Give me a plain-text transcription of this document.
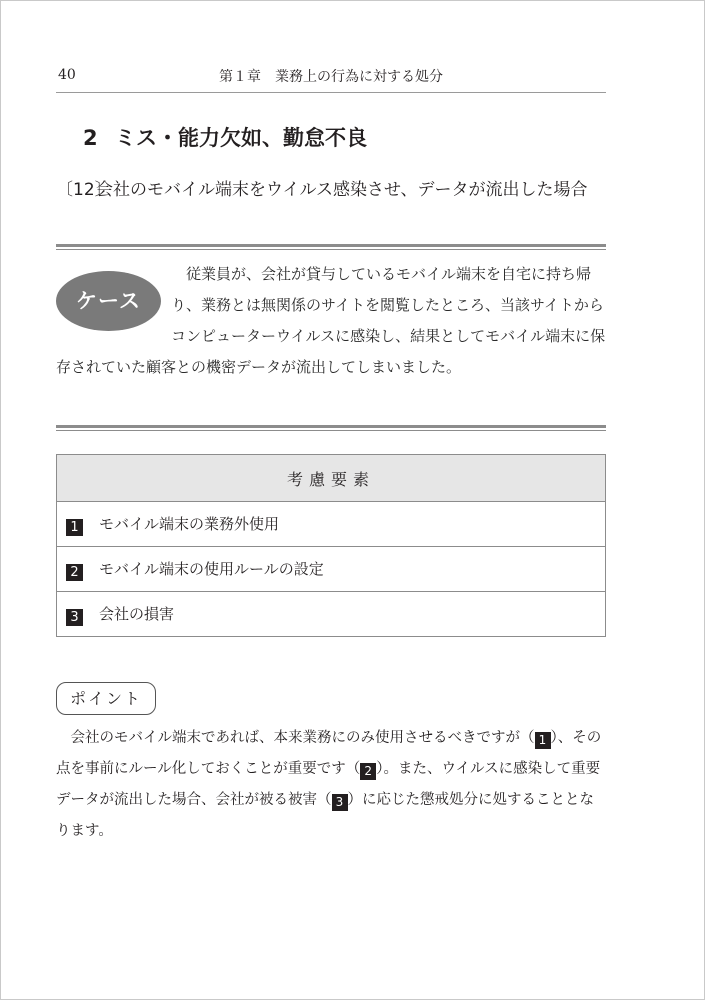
40	第１章　業務上の行為に対する処分
2 ミス・能力欠如、勤怠不良
〔12〕
会社のモバイル端末をウイルス感染させ、データが流出した場合

従業員が、会社が貸与しているモバイル端末を自宅に持ち帰り、業務とは無関係のサイトを閲覧したところ、当該サイトからコンピューターウイルスに感染し、結果としてモバイル端末に保存されていた顧客との機密データが流出してしまいました。

ケース
考慮要素
1 モバイル端末の業務外使用
2 モバイル端末の使用ルールの設定
3 会社の損害
ポイント

会社のモバイル端末であれば、本来業務にのみ使用させるべきですが（ 1 ）、その点を事前にルール化しておくことが重要です（ 2 ）。また、ウイルスに感染して重要データが流出した場合、会社が被る被害（ 3 ）に応じた懲戒処分に処することとなります。
